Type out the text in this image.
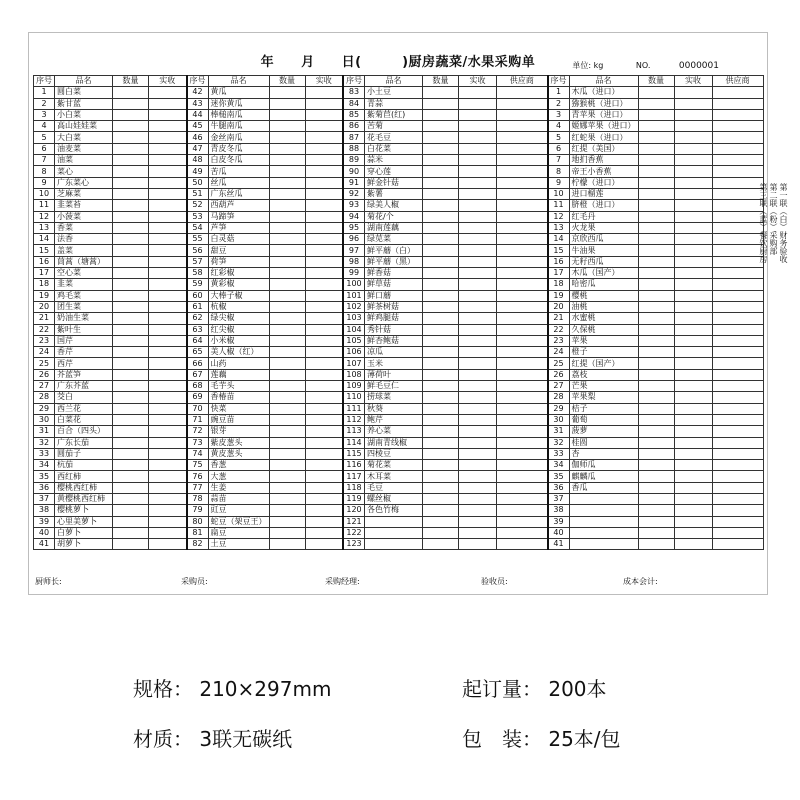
年　　月　　日(　　　)厨房蔬菜/水果采购单	单位: kg	NO.	0000001
序号	品名	数量	实收	序号	品名	数量	实收	序号	品名	数量	实收	供应商	序号	品名	数量	实收	供应商
1	圆白菜			42	黄瓜			83	小土豆				1	木瓜（进口）			
2	紫甘蓝			43	迷你黄瓜			84	青蒜				2	猕猴桃（进口）			
3	小白菜			44	棒槌南瓜			85	紫菊苣(红)				3	青苹果（进口）			
4	高山娃娃菜			45	牛腿南瓜			86	苦菊				4	姬娜苹果（进口）			
5	大白菜			46	金丝南瓜			87	花毛豆				5	红蛇果（进口）			
6	油麦菜			47	青皮冬瓜			88	白花菜				6	红提（美国）			
7	油菜			48	白皮冬瓜			89	蒜米				7	地扪香蕉			
8	菜心			49	苦瓜			90	穿心莲				8	帝王小香蕉			
9	广东菜心			50	丝瓜			91	鲜金针菇				9	柠檬（进口）			
10	芝麻菜			51	广东丝瓜			92	紫薯				10	进口榴莲			
11	韭菜苔			52	西葫芦			93	绿美人椒				11	脐橙（进口）			
12	小菠菜			53	马蹄笋			94	菊花/个				12	红毛丹			
13	香菜			54	芦笋			95	湖南莲藕				13	火龙果			
14	法香			55	白灵菇			96	绿苋菜				14	京欣西瓜			
15	盖菜			56	甜豆			97	鲜平蘑（白）				15	牛油果			
16	茼蒿（塘蒿）			57	荷笋			98	鲜平蘑（黑）				16	无籽西瓜			
17	空心菜			58	红彩椒			99	鲜香菇				17	木瓜（国产）			
18	韭菜			59	黄彩椒			100	鲜草菇				18	哈密瓜			
19	鸡毛菜			60	大棒子椒			101	鲜口蘑				19	樱桃			
20	团生菜			61	杭椒			102	鲜茶树菇				20	油桃			
21	奶油生菜			62	绿尖椒			103	鲜鸡腿菇				21	水蜜桃			
22	紫叶生			63	红尖椒			104	秀针菇				22	久保桃			
23	国芹			64	小米椒			105	鲜杏鲍菇				23	苹果			
24	香芹			65	美人椒（红）			106	凉瓜				24	橙子			
25	西芹			66	山药			107	玉米				25	红提（国产）			
26	芥蓝笋			67	莲藕			108	薄荷叶				26	荔枝			
27	广东芥蓝			68	毛芋头			109	鲜毛豆仁				27	芒果			
28	茭白			69	香椿苗			110	捞球菜				28	苹果梨			
29	西兰花			70	快菜			111	秋葵				29	桔子			
30	白菜花			71	豌豆苗			112	鲍芹				30	葡萄			
31	百合（四头）			72	银芽			113	养心菜				31	菠萝			
32	广东长茄			73	紫皮葱头			114	湖南青线椒				32	桂圆			
33	圆茄子			74	黄皮葱头			115	四棱豆				33	杏			
34	杭茄			75	香葱			116	菊花菜				34	伽师瓜			
35	西红柿			76	大葱			117	木耳菜				35	麒麟瓜			
36	樱桃西红柿			77	生姜			118	毛豆				36	香瓜			
37	黄樱桃西红柿			78	蒜苗			119	螺丝椒				37				
38	樱桃萝卜			79	豇豆			120	各色竹梅				38				
39	心里美萝卜			80	蛇豆（架豆王）			121					39				
40	白萝卜			81	扁豆			122					40				
41	胡萝卜			82	土豆			123					41				
厨师长:	采购员:	采购经理:	验收员:	成本会计:
第一联（白）财务验收
第二联（粉）采购部
第三联（蓝）餐饮厨房
规格： 210×297mm	起订量： 200本
材质： 3联无碳纸	包　装： 25本/包
